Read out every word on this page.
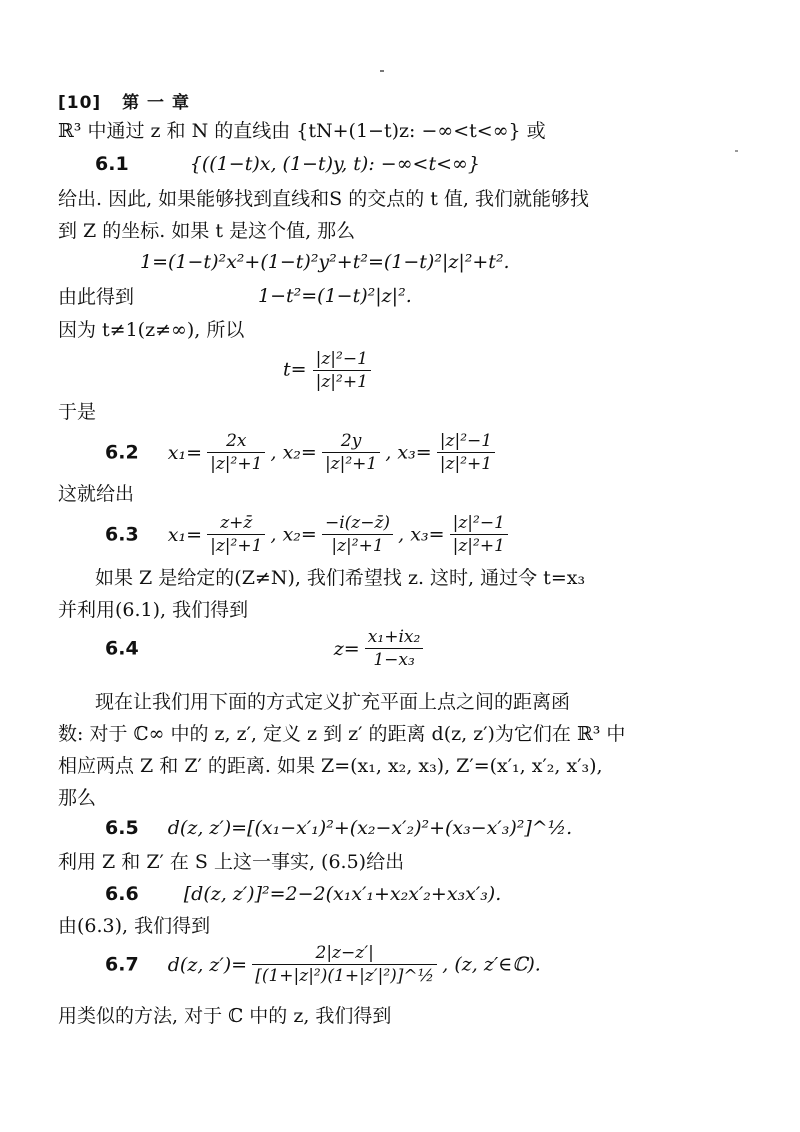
[10] 第 一 章
ℝ³ 中通过 z 和 N 的直线由 {tN+(1−t)z: −∞<t<∞} 或
6.1	{((1−t)x, (1−t)y, t): −∞<t<∞}
给出. 因此, 如果能够找到直线和S 的交点的 t 值, 我们就能够找
到 Z 的坐标. 如果 t 是这个值, 那么
1=(1−t)²x²+(1−t)²y²+t²=(1−t)²|z|²+t².
由此得到	1−t²=(1−t)²|z|².
因为 t≠1(z≠∞), 所以
$t= \frac{\text{|z|²−1}}{\text{|z|²+1}}$
于是
6.2 $x_1= \frac{2x}{\text{|z|²+1}}$ , $x_2= \frac{2y}{\text{|z|²+1}}$ , $x_3= \frac{\text{|z|²−1}}{\text{|z|²+1}}$
这就给出
6.3 $x_1= \frac{z+z̄}{\text{|z|²+1}}$ , $x_2= \frac{-i(z-z̄)}{\text{|z|²+1}}$ , $x_3= \frac{\text{|z|²−1}}{\text{|z|²+1}}$
如果 Z 是给定的(Z≠N), 我们希望找 z. 这时, 通过令 t=x₃
并利用(6.1), 我们得到
6.4	$z= \frac{\text{x₁+ix₂}}{\text{1−x₃}}$
现在让我们用下面的方式定义扩充平面上点之间的距离函
数: 对于 ℂ∞ 中的 z, z′, 定义 z 到 z′ 的距离 d(z, z′)为它们在 ℝ³ 中
相应两点 Z 和 Z′ 的距离. 如果 Z=(x₁, x₂, x₃), Z′=(x′₁, x′₂, x′₃),
那么
6.5 d(z, z′)=[(x₁−x′₁)²+(x₂−x′₂)²+(x₃−x′₃)²]^½.
利用 Z 和 Z′ 在 S 上这一事实, (6.5)给出
6.6 [d(z, z′)]²=2−2(x₁x′₁+x₂x′₂+x₃x′₃).
由(6.3), 我们得到
6.7 d(z, $z')= \frac{2|z-z'|}{\text{[(1+|z|²)(1+|z′|²)]\textasciicircum{}½}}$ , (z, z′∈ℂ).
用类似的方法, 对于 ℂ 中的 z, 我们得到
